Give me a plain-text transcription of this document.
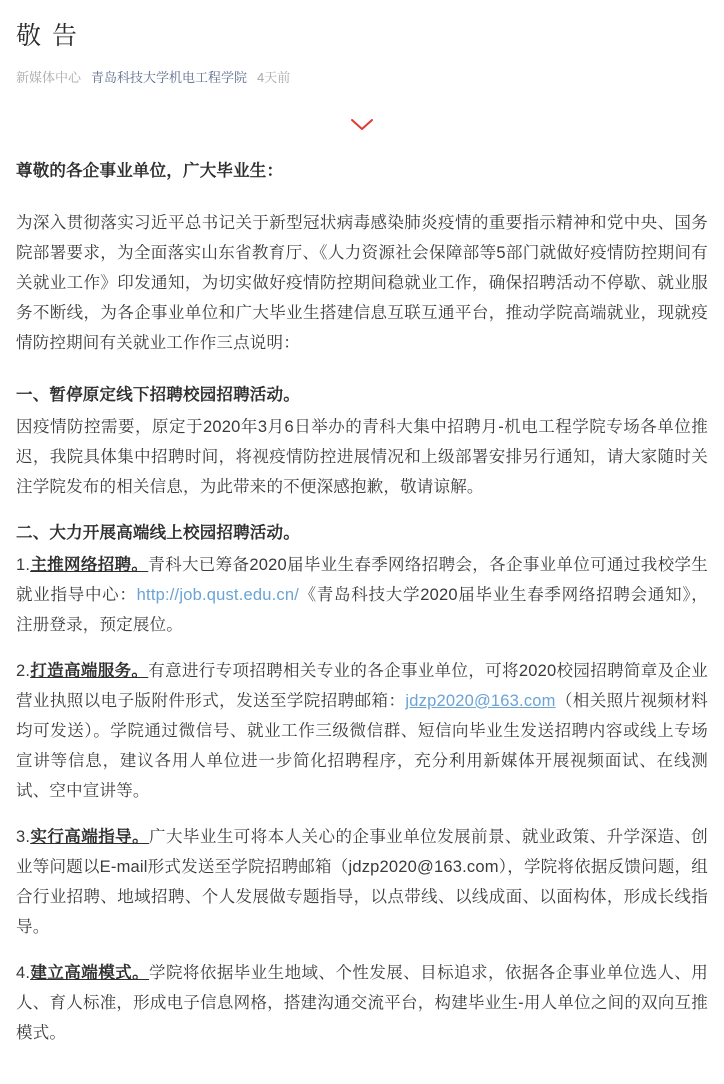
敬 告
新媒体中心 青岛科技大学机电工程学院 4天前

尊敬的各企事业单位，广大毕业生：

为深入贯彻落实习近平总书记关于新型冠状病毒感染肺炎疫情的重要指示精神和党中央、国务院部署要求，为全面落实山东省教育厅、《人力资源社会保障部等5部门就做好疫情防控期间有关就业工作》印发通知，为切实做好疫情防控期间稳就业工作，确保招聘活动不停歇、就业服务不断线，为各企事业单位和广大毕业生搭建信息互联互通平台，推动学院高端就业，现就疫情防控期间有关就业工作作三点说明：

一、暂停原定线下招聘校园招聘活动。

因疫情防控需要，原定于2020年3月6日举办的青科大集中招聘月-机电工程学院专场各单位推迟，我院具体集中招聘时间，将视疫情防控进展情况和上级部署安排另行通知，请大家随时关注学院发布的相关信息，为此带来的不便深感抱歉，敬请谅解。

二、大力开展高端线上校园招聘活动。

1.主推网络招聘。青科大已筹备2020届毕业生春季网络招聘会，各企事业单位可通过我校学生就业指导中心：http://job.qust.edu.cn/《青岛科技大学2020届毕业生春季网络招聘会通知》，注册登录，预定展位。

2.打造高端服务。有意进行专项招聘相关专业的各企事业单位，可将2020校园招聘简章及企业营业执照以电子版附件形式，发送至学院招聘邮箱：jdzp2020@163.com（相关照片视频材料均可发送）。学院通过微信号、就业工作三级微信群、短信向毕业生发送招聘内容或线上专场宣讲等信息，建议各用人单位进一步简化招聘程序，充分利用新媒体开展视频面试、在线测试、空中宣讲等。

3.实行高端指导。广大毕业生可将本人关心的企事业单位发展前景、就业政策、升学深造、创业等问题以E-mail形式发送至学院招聘邮箱（jdzp2020@163.com），学院将依据反馈问题，组合行业招聘、地域招聘、个人发展做专题指导，以点带线、以线成面、以面构体，形成长线指导。

4.建立高端模式。学院将依据毕业生地域、个性发展、目标追求，依据各企事业单位选人、用人、育人标准，形成电子信息网格，搭建沟通交流平台，构建毕业生-用人单位之间的双向互推模式。
